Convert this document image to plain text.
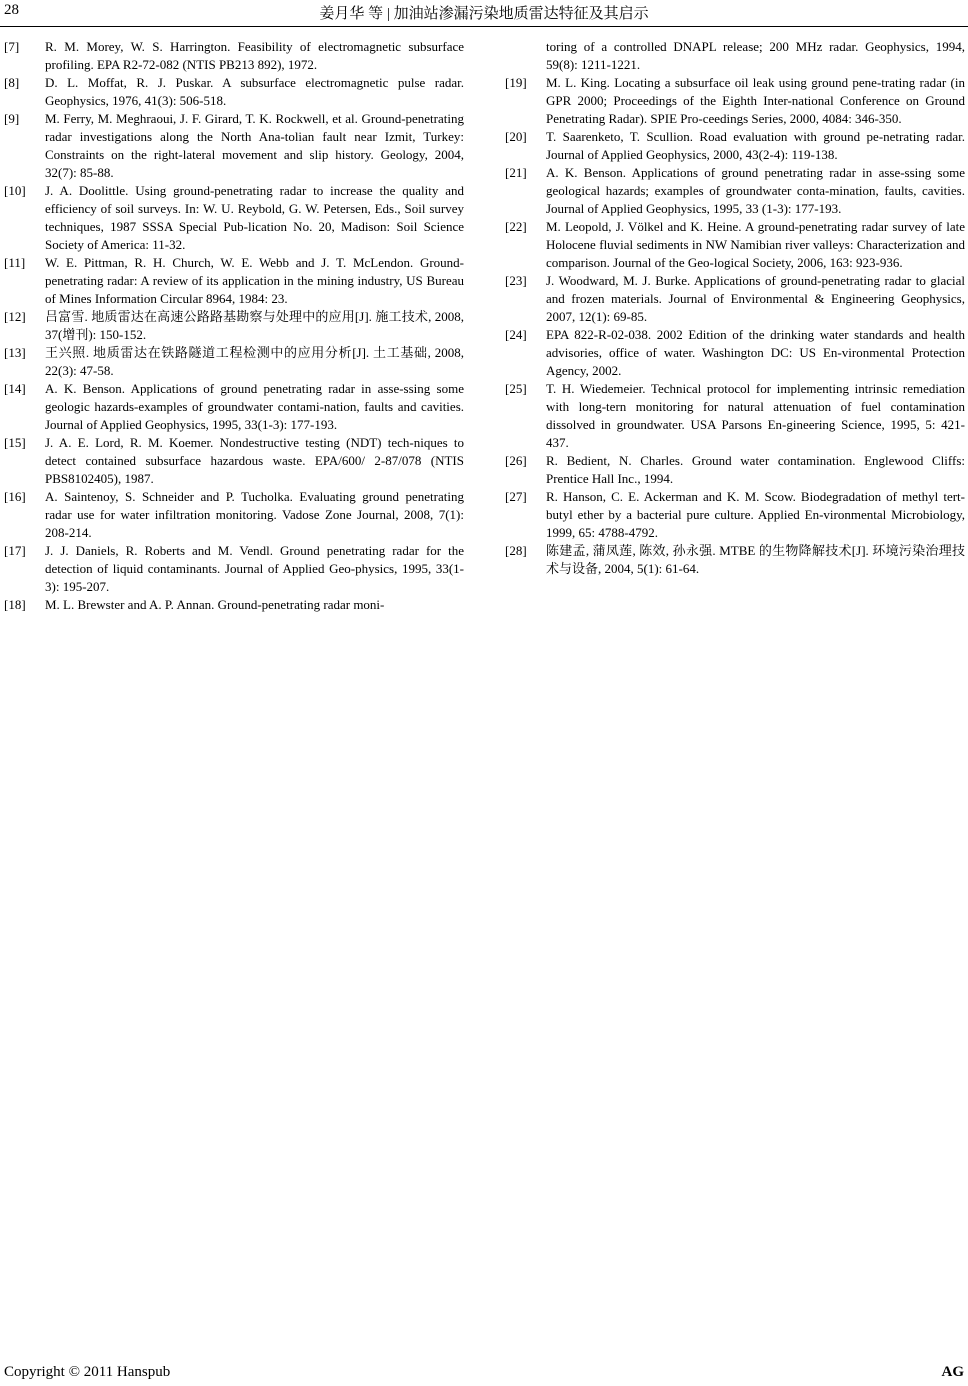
28	姜月华 等 | 加油站渗漏污染地质雷达特征及其启示
[7]	R. M. Morey, W. S. Harrington. Feasibility of electromagnetic subsurface profiling. EPA R2-72-082 (NTIS PB213 892), 1972.
[8]	D. L. Moffat, R. J. Puskar. A subsurface electromagnetic pulse radar. Geophysics, 1976, 41(3): 506-518.
[9]	M. Ferry, M. Meghraoui, J. F. Girard, T. K. Rockwell, et al. Ground-penetrating radar investigations along the North Ana-tolian fault near Izmit, Turkey: Constraints on the right-lateral movement and slip history. Geology, 2004, 32(7): 85-88.
[10]	J. A. Doolittle. Using ground-penetrating radar to increase the quality and efficiency of soil surveys. In: W. U. Reybold, G. W. Petersen, Eds., Soil survey techniques, 1987 SSSA Special Pub-lication No. 20, Madison: Soil Science Society of America: 11-32.
[11]	W. E. Pittman, R. H. Church, W. E. Webb and J. T. McLendon. Ground-penetrating radar: A review of its application in the mining industry, US Bureau of Mines Information Circular 8964, 1984: 23.
[12]	吕富雪. 地质雷达在高速公路路基勘察与处理中的应用[J]. 施工技术, 2008, 37(增刊): 150-152.
[13]	王兴照. 地质雷达在铁路隧道工程检测中的应用分析[J]. 土工基础, 2008, 22(3): 47-58.
[14]	A. K. Benson. Applications of ground penetrating radar in asse-ssing some geologic hazards-examples of groundwater contami-nation, faults and cavities. Journal of Applied Geophysics, 1995, 33(1-3): 177-193.
[15]	J. A. E. Lord, R. M. Koemer. Nondestructive testing (NDT) tech-niques to detect contained subsurface hazardous waste. EPA/600/ 2-87/078 (NTIS PBS8102405), 1987.
[16]	A. Saintenoy, S. Schneider and P. Tucholka. Evaluating ground penetrating radar use for water infiltration monitoring. Vadose Zone Journal, 2008, 7(1): 208-214.
[17]	J. J. Daniels, R. Roberts and M. Vendl. Ground penetrating radar for the detection of liquid contaminants. Journal of Applied Geo-physics, 1995, 33(1-3): 195-207.
[18]	M. L. Brewster and A. P. Annan. Ground-penetrating radar moni-
toring of a controlled DNAPL release; 200 MHz radar. Geophysics, 1994, 59(8): 1211-1221.
[19]	M. L. King. Locating a subsurface oil leak using ground pene-trating radar (in GPR 2000; Proceedings of the Eighth Inter-national Conference on Ground Penetrating Radar). SPIE Pro-ceedings Series, 2000, 4084: 346-350.
[20]	T. Saarenketo, T. Scullion. Road evaluation with ground pe-netrating radar. Journal of Applied Geophysics, 2000, 43(2-4): 119-138.
[21]	A. K. Benson. Applications of ground penetrating radar in asse-ssing some geological hazards; examples of groundwater conta-mination, faults, cavities. Journal of Applied Geophysics, 1995, 33 (1-3): 177-193.
[22]	M. Leopold, J. Völkel and K. Heine. A ground-penetrating radar survey of late Holocene fluvial sediments in NW Namibian river valleys: Characterization and comparison. Journal of the Geo-logical Society, 2006, 163: 923-936.
[23]	J. Woodward, M. J. Burke. Applications of ground-penetrating radar to glacial and frozen materials. Journal of Environmental & Engineering Geophysics, 2007, 12(1): 69-85.
[24]	EPA 822-R-02-038. 2002 Edition of the drinking water standards and health advisories, office of water. Washington DC: US En-vironmental Protection Agency, 2002.
[25]	T. H. Wiedemeier. Technical protocol for implementing intrinsic remediation with long-tern monitoring for natural attenuation of fuel contamination dissolved in groundwater. USA Parsons En-gineering Science, 1995, 5: 421-437.
[26]	R. Bedient, N. Charles. Ground water contamination. Englewood Cliffs: Prentice Hall Inc., 1994.
[27]	R. Hanson, C. E. Ackerman and K. M. Scow. Biodegradation of methyl tert-butyl ether by a bacterial pure culture. Applied En-vironmental Microbiology, 1999, 65: 4788-4792.
[28]	陈建孟, 蒲凤莲, 陈效, 孙永强. MTBE 的生物降解技术[J]. 环境污染治理技术与设备, 2004, 5(1): 61-64.
Copyright © 2011 Hanspub	AG
